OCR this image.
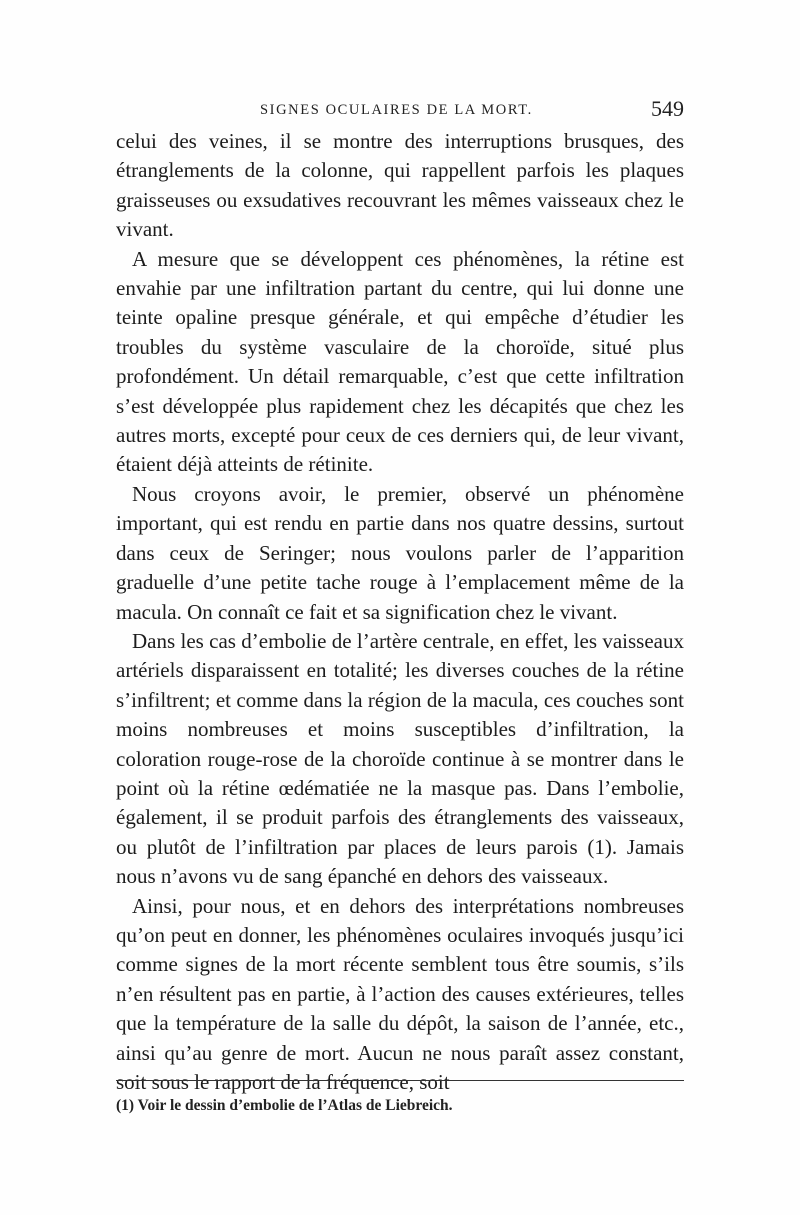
SIGNES OCULAIRES DE LA MORT.	549

celui des veines, il se montre des interruptions brusques, des étranglements de la colonne, qui rappellent parfois les plaques graisseuses ou exsudatives recouvrant les mêmes vaisseaux chez le vivant.

A mesure que se développent ces phénomènes, la rétine est envahie par une infiltration partant du centre, qui lui donne une teinte opaline presque générale, et qui empêche d’étudier les troubles du système vasculaire de la choroïde, situé plus profondément. Un détail remarquable, c’est que cette infiltration s’est développée plus rapidement chez les décapités que chez les autres morts, excepté pour ceux de ces derniers qui, de leur vivant, étaient déjà atteints de rétinite.

Nous croyons avoir, le premier, observé un phénomène important, qui est rendu en partie dans nos quatre dessins, surtout dans ceux de Seringer; nous voulons parler de l’apparition graduelle d’une petite tache rouge à l’emplacement même de la macula. On connaît ce fait et sa signification chez le vivant.

Dans les cas d’embolie de l’artère centrale, en effet, les vaisseaux artériels disparaissent en totalité; les diverses couches de la rétine s’infiltrent; et comme dans la région de la macula, ces couches sont moins nombreuses et moins susceptibles d’infiltration, la coloration rouge-rose de la choroïde continue à se montrer dans le point où la rétine œdématiée ne la masque pas. Dans l’embolie, également, il se produit parfois des étranglements des vaisseaux, ou plutôt de l’infiltration par places de leurs parois (1). Jamais nous n’avons vu de sang épanché en dehors des vaisseaux.

Ainsi, pour nous, et en dehors des interprétations nombreuses qu’on peut en donner, les phénomènes oculaires invoqués jusqu’ici comme signes de la mort récente semblent tous être soumis, s’ils n’en résultent pas en partie, à l’action des causes extérieures, telles que la température de la salle du dépôt, la saison de l’année, etc., ainsi qu’au genre de mort. Aucun ne nous paraît assez constant, soit sous le rapport de la fréquence, soit

(1) Voir le dessin d’embolie de l’Atlas de Liebreich.
